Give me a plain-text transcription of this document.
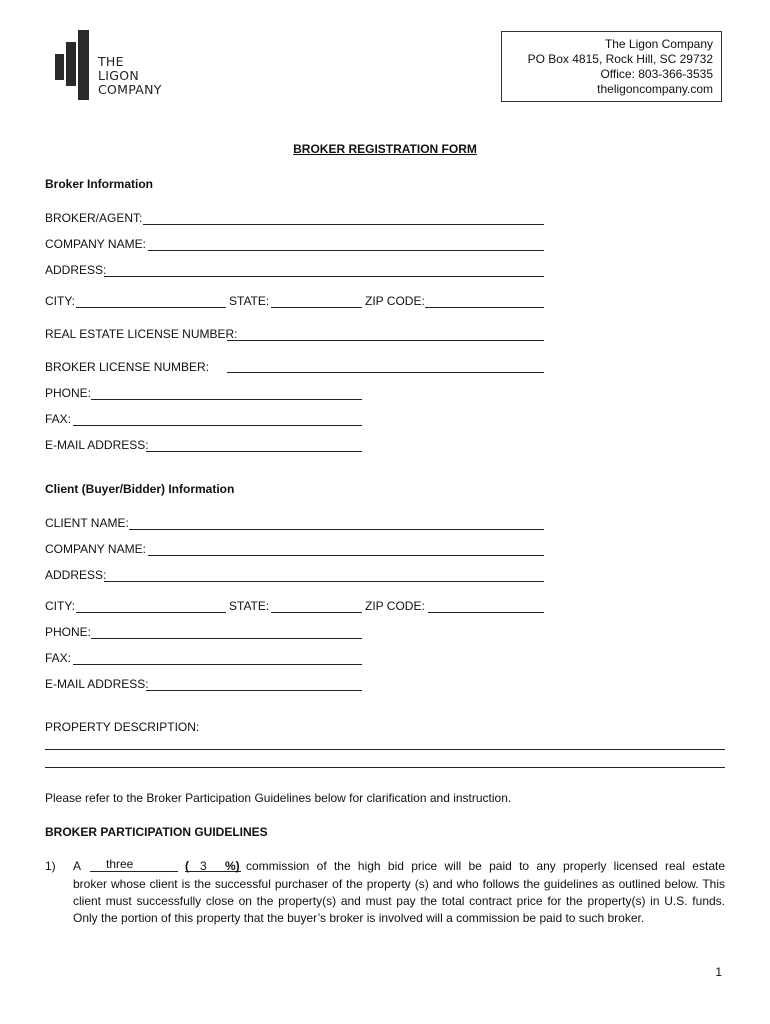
THE
LIGON
COMPANY
The Ligon Company
PO Box 4815, Rock Hill, SC 29732
Office: 803-366-3535
theligoncompany.com
BROKER REGISTRATION FORM
Broker Information
BROKER/AGENT:
COMPANY NAME:
ADDRESS:
CITY:	STATE:	ZIP CODE:
REAL ESTATE LICENSE NUMBER:
BROKER LICENSE NUMBER:
PHONE:
FAX:
E-MAIL ADDRESS:
Client (Buyer/Bidder) Information
CLIENT NAME:
COMPANY NAME:
ADDRESS:
CITY:	STATE:	ZIP CODE:
PHONE:
FAX:
E-MAIL ADDRESS:
PROPERTY DESCRIPTION:
Please refer to the Broker Participation Guidelines below for clarification and instruction.
BROKER PARTICIPATION GUIDELINES
1) A three	( 3 %) commission of the high bid price will be paid to any properly licensed real estate
broker whose client is the successful purchaser of the property (s) and who follows the guidelines as outlined below. This client must successfully close on the property(s) and must pay the total contract price for the property(s) in U.S. funds. Only the portion of this property that the buyer’s broker is involved will a commission be paid to such broker.
1
